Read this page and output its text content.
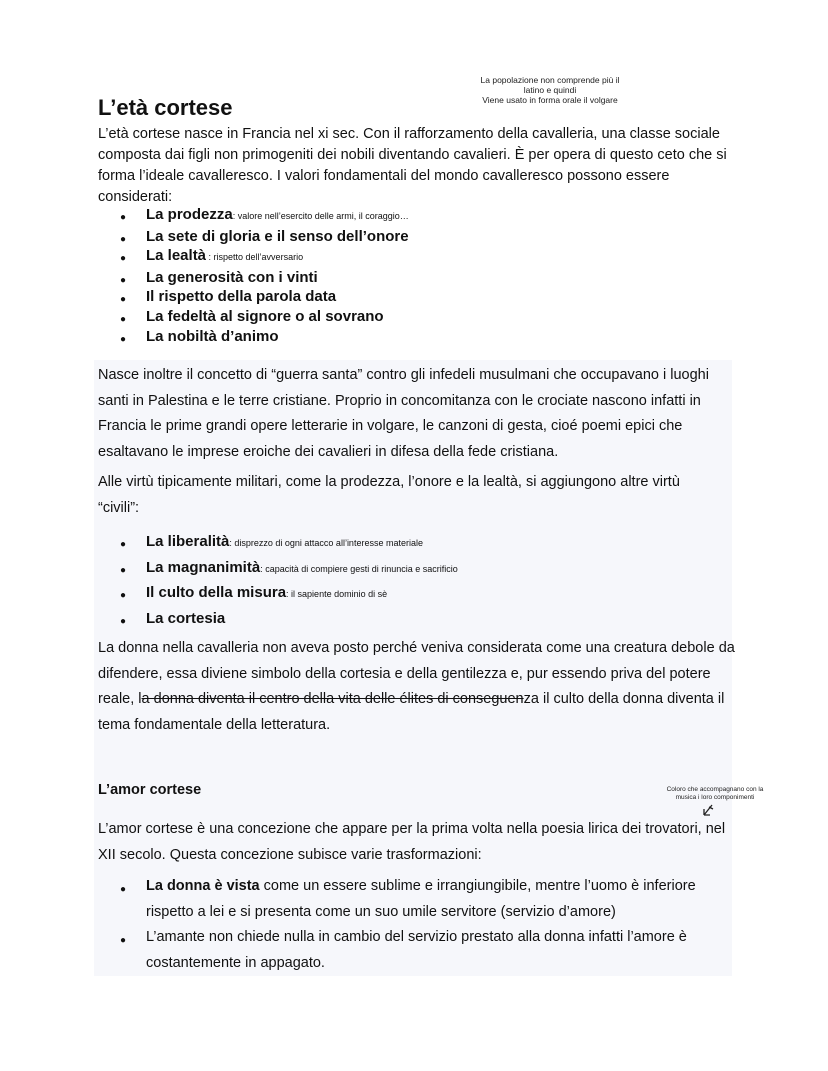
La popolazione non comprende più il
latino e quindi
Viene usato in forma orale il volgare
L’età cortese
L’età cortese nasce in Francia nel xi sec. Con il rafforzamento della cavalleria, una classe sociale composta dai figli non primogeniti dei nobili diventando cavalieri. È per opera di questo ceto che si forma l’ideale cavalleresco. I valori fondamentali del mondo cavalleresco possono essere considerati:
● La prodezza: valore nell’esercito delle armi, il coraggio…
● La sete di gloria e il senso dell’onore
● La lealtà : rispetto dell’avversario
● La generosità con i vinti
● Il rispetto della parola data
● La fedeltà al signore o al sovrano
● La nobiltà d’animo
Nasce inoltre il concetto di “guerra santa” contro gli infedeli musulmani che occupavano i luoghi santi in Palestina e le terre cristiane. Proprio in concomitanza con le crociate nascono infatti in Francia le prime grandi opere letterarie in volgare, le canzoni di gesta, cioé poemi epici che esaltavano le imprese eroiche dei cavalieri in difesa della fede cristiana.
Alle virtù tipicamente militari, come la prodezza, l’onore e la lealtà, si aggiungono altre virtù “civili”:
● La liberalità: disprezzo di ogni attacco all’interesse materiale
● La magnanimità: capacità di compiere gesti di rinuncia e sacrificio
● Il culto della misura: il sapiente dominio di sè
● La cortesia
La donna nella cavalleria non aveva posto perché veniva considerata come una creatura debole da difendere, essa diviene simbolo della cortesia e della gentilezza e, pur essendo priva del potere reale, la donna diventa il centro della vita delle élites di conseguenza il culto della donna diventa il tema fondamentale della letteratura.
L’amor cortese	Coloro che accompagnano con la
musica i loro componimenti
L’amor cortese è una concezione che appare per la prima volta nella poesia lirica dei trovatori, nel XII secolo. Questa concezione subisce varie trasformazioni:
● La donna è vista come un essere sublime e irrangiungibile, mentre l’uomo è inferiore rispetto a lei e si presenta come un suo umile servitore (servizio d’amore)
● L’amante non chiede nulla in cambio del servizio prestato alla donna infatti l’amore è costantemente in appagato.
